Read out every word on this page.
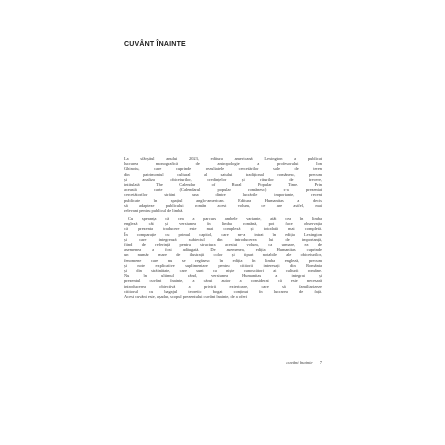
CUVÂNT ÎNAINTE
La sfârșitul anului 2023, editura americană Lexington a publicat
lucrarea monografică de antropologie a profesorului Ion
Ghinoiu, care cuprinde rezultatele cercetărilor sale de teren
din patrimoniul cultural al satului tradițional românesc, precum
și analiza obiceiurilor, credințelor și riturilor de trecere,
intitulată The Calendar of Rural Popular Time. Prin
această carte (Calendarul popular românesc) s-a prezentat
cercetătorilor străini una dintre lucrările importante, recent
publicate în spațiul anglo-american. Editura Humanitas a decis
să adapteze publicului român acest volum, ce are astfel, mai
relevant pentru publicul de limbă.
Cu speranța că cea a parcurs ambele variante, atât cea în limba
engleză cât și versiunea în limba română, pot face observația
că prezenta traducere este mai complexă și totodată mai completă.
În comparație cu primul capitol, care ne-a intrat în ediția Lexington
și care integrează subiectul din introducerea lui de importanță,
fiind de referință pentru structura acestui volum, ca urmare, ea de
asemenea a fost adăugată. De asemenea, ediția Humanitas cuprinde
un număr mare de ilustrații color și tipuri notabile ale obiceiurilor,
fenomene care nu se regăsesc în ediția în limba engleză, precum
și note explicative suplimentare pentru cititorii interesați din România
și din străinătate, care sunt ca niște cunoscători ai culturii române.
Nu în ultimul rând, versiunea Humanitas a integrat și
prezentul cuvânt înainte, a cărui autor a considerat că este necesară
introducerea obiectivă a privirii exterioare, care să familiarizeze
cititorul cu bagajul teoretic bogat conținut în lucrarea de față.
Acest cuvânt este, așadar, scopul prezentului cuvânt înainte, de a oferi
cuvânt înainte 7
